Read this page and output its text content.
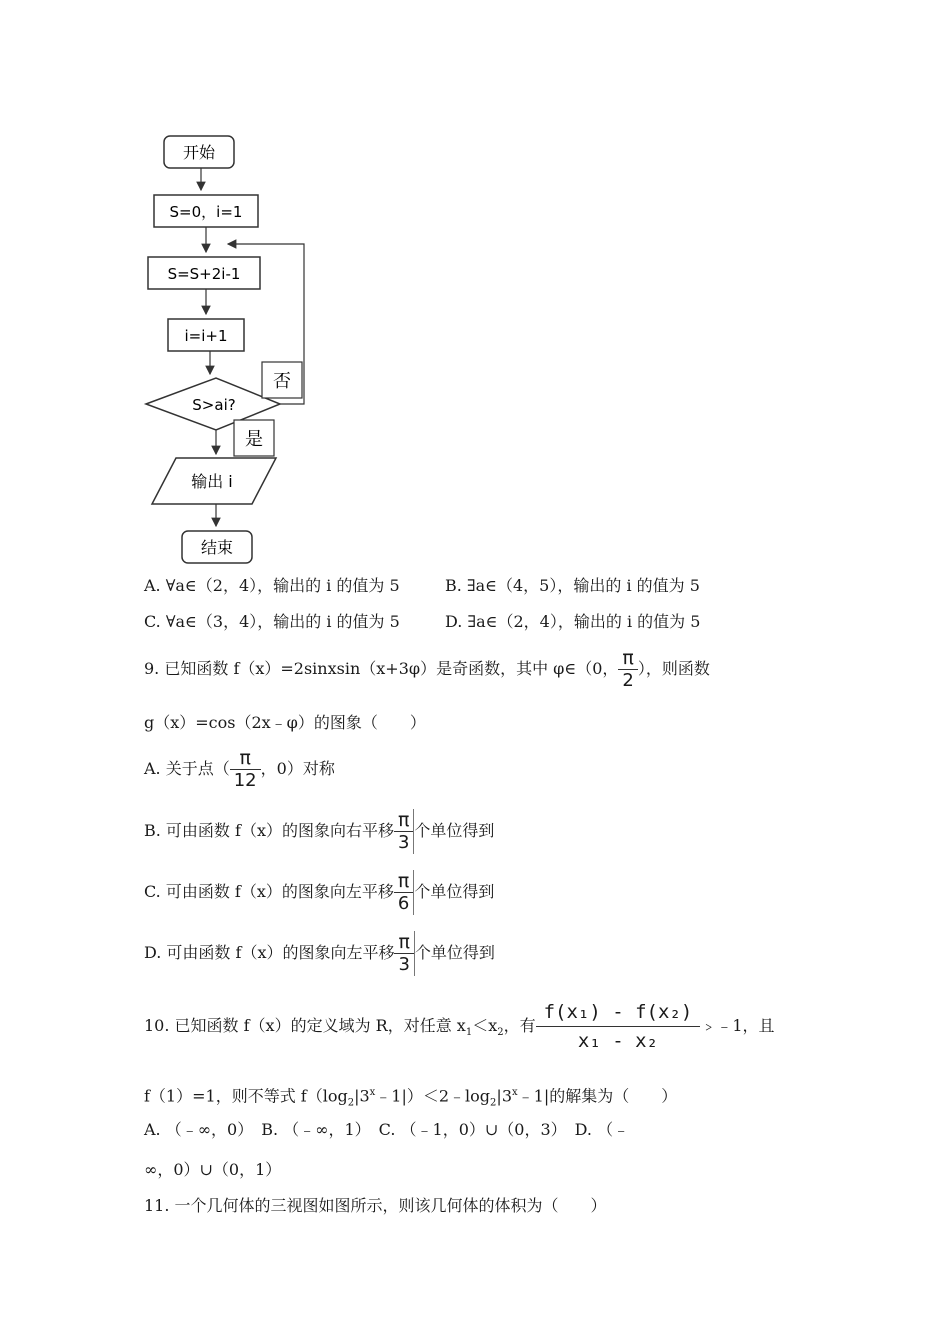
开始
S=0，i=1
S=S+2i-1
i=i+1
S>ai?
否
是
输出 i
结束
A. ∀a∈（2，4），输出的 i 的值为 5	B. ∃a∈（4，5），输出的 i 的值为 5
C. ∀a∈（3，4），输出的 i 的值为 5	D. ∃a∈（2，4），输出的 i 的值为 5
9. 已知函数 f（x）=2sinxsin（x+3φ）是奇函数，其中 φ∈（0， $\frac{\pi}{2}$ ），则函数
g（x）=cos（2x﹣φ）的图象（　　）
A. 关于点（ $\frac{\pi}{12}$ ，0）对称
B. 可由函数 f（x）的图象向右平移 $\frac{\pi}{3}$ 个单位得到
C. 可由函数 f（x）的图象向左平移 $\frac{\pi}{6}$ 个单位得到
D. 可由函数 f（x）的图象向左平移 $\frac{\pi}{3}$ 个单位得到
10. 已知函数 f（x）的定义域为 R，对任意 $x_1<x_2$，有 $\frac{\text{f(x₁) - f(x₂)}}{\text{x₁ - x₂}}$ ﹥﹣1，且
f（1）=1，则不等式 $f(\log_2|3^x﹣1|)<2﹣\log_2|3^x﹣1|$的解集为（　　）
A. （﹣∞，0）　B. （﹣∞，1）　C. （﹣1，0）∪（0，3）　D. （﹣
∞，0）∪（0，1）
11. 一个几何体的三视图如图所示，则该几何体的体积为（　　）
